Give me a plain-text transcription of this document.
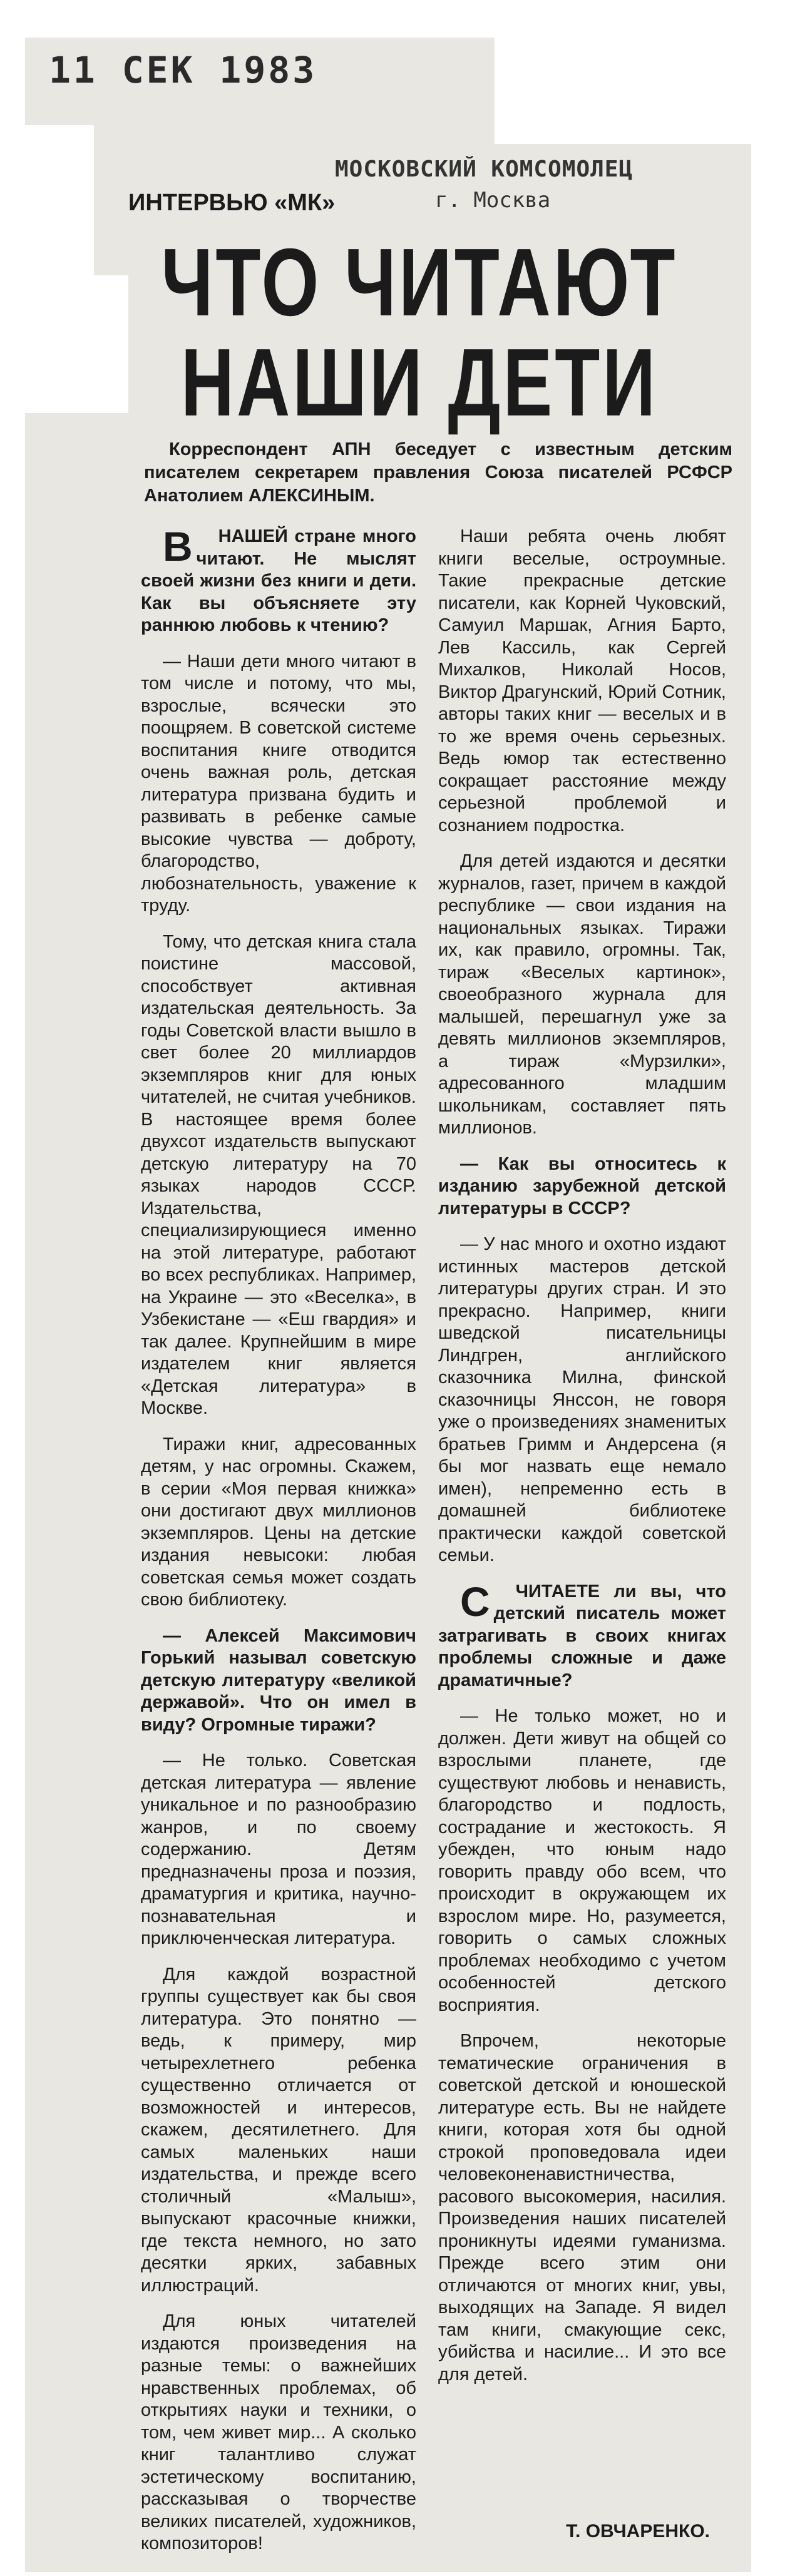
11 СЕК 1983
МОСКОВСКИЙ КОМСОМОЛЕЦ
г. Москва
ИНТЕРВЬЮ «МК»
ЧТО ЧИТАЮТ
НАШИ ДЕТИ
Корреспондент АПН беседует с известным детским писателем секретарем правления Союза писателей РСФСР Анатолием АЛЕКСИНЫМ.

В НАШЕЙ стране много читают. Не мыслят своей жизни без книги и дети. Как вы объясняете эту раннюю любовь к чтению?

— Наши дети много читают в том числе и потому, что мы, взрослые, всячески это поощряем. В советской системе воспитания книге отводится очень важная роль, детская литература призвана будить и развивать в ребенке самые высокие чувства — доброту, благородство, любознательность, уважение к труду.

Тому, что детская книга стала поистине массовой, способствует активная издательская деятельность. За годы Советской власти вышло в свет более 20 миллиардов экземпляров книг для юных читателей, не считая учебников. В настоящее время более двухсот издательств выпускают детскую литературу на 70 языках народов СССР. Издательства, специализирующиеся именно на этой литературе, работают во всех республиках. Например, на Украине — это «Веселка», в Узбекистане — «Еш гвардия» и так далее. Крупнейшим в мире издателем книг является «Детская литература» в Москве.

Тиражи книг, адресованных детям, у нас огромны. Скажем, в серии «Моя первая книжка» они достигают двух миллионов экземпляров. Цены на детские издания невысоки: любая советская семья может создать свою библиотеку.

— Алексей Максимович Горький называл советскую детскую литературу «великой державой». Что он имел в виду? Огромные тиражи?

— Не только. Советская детская литература — явление уникальное и по разнообразию жанров, и по своему содержанию. Детям предназначены проза и поэзия, драматургия и критика, научно-познавательная и приключенческая литература.

Для каждой возрастной группы существует как бы своя литература. Это понятно — ведь, к примеру, мир четырехлетнего ребенка существенно отличается от возможностей и интересов, скажем, десятилетнего. Для самых маленьких наши издательства, и прежде всего столичный «Малыш», выпускают красочные книжки, где текста немного, но зато десятки ярких, забавных иллюстраций.

Для юных читателей издаются произведения на разные темы: о важнейших нравственных проблемах, об открытиях науки и техники, о том, чем живет мир... А сколько книг талантливо служат эстетическому воспитанию, рассказывая о творчестве великих писателей, художников, композиторов!

Наши ребята очень любят книги веселые, остроумные. Такие прекрасные детские писатели, как Корней Чуковский, Самуил Маршак, Агния Барто, Лев Кассиль, как Сергей Михалков, Николай Носов, Виктор Драгунский, Юрий Сотник, авторы таких книг — веселых и в то же время очень серьезных. Ведь юмор так естественно сокращает расстояние между серьезной проблемой и сознанием подростка.

Для детей издаются и десятки журналов, газет, причем в каждой республике — свои издания на национальных языках. Тиражи их, как правило, огромны. Так, тираж «Веселых картинок», своеобразного журнала для малышей, перешагнул уже за девять миллионов экземпляров, а тираж «Мурзилки», адресованного младшим школьникам, составляет пять миллионов.

— Как вы относитесь к изданию зарубежной детской литературы в СССР?

— У нас много и охотно издают истинных мастеров детской литературы других стран. И это прекрасно. Например, книги шведской писательницы Линдгрен, английского сказочника Милна, финской сказочницы Янссон, не говоря уже о произведениях знаменитых братьев Гримм и Андерсена (я бы мог назвать еще немало имен), непременно есть в домашней библиотеке практически каждой советской семьи.

С ЧИТАЕТЕ ли вы, что детский писатель может затрагивать в своих книгах проблемы сложные и даже драматичные?

— Не только может, но и должен. Дети живут на общей со взрослыми планете, где существуют любовь и ненависть, благородство и подлость, сострадание и жестокость. Я убежден, что юным надо говорить правду обо всем, что происходит в окружающем их взрослом мире. Но, разумеется, говорить о самых сложных проблемах необходимо с учетом особенностей детского восприятия.

Впрочем, некоторые тематические ограничения в советской детской и юношеской литературе есть. Вы не найдете книги, которая хотя бы одной строкой проповедовала идеи человеконенавистничества, расового высокомерия, насилия. Произведения наших писателей проникнуты идеями гуманизма. Прежде всего этим они отличаются от многих книг, увы, выходящих на Западе. Я видел там книги, смакующие секс, убийства и насилие... И это все для детей.

Т. ОВЧАРЕНКО.
